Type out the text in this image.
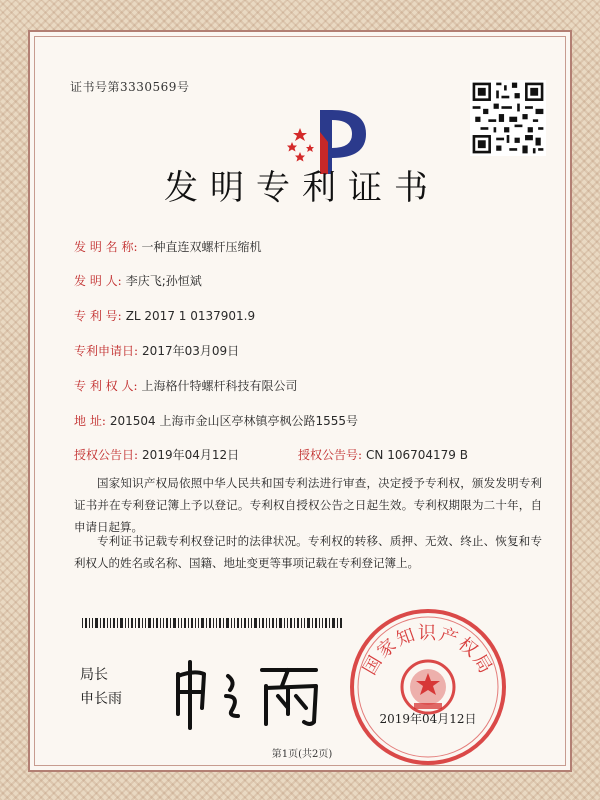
证书号第3330569号
发明专利证书
发 明 名 称: 一种直连双螺杆压缩机
发 明 人: 李庆飞;孙恒斌
专 利 号: ZL 2017 1 0137901.9
专利申请日: 2017年03月09日
专 利 权 人: 上海格什特螺杆科技有限公司
地 址: 201504 上海市金山区亭林镇亭枫公路1555号
授权公告日: 2019年04月12日	授权公告号: CN 106704179 B
国家知识产权局依照中华人民共和国专利法进行审查，决定授予专利权，颁发发明专利证书并在专利登记簿上予以登记。专利权自授权公告之日起生效。专利权期限为二十年，自申请日起算。
专利证书记载专利权登记时的法律状况。专利权的转移、质押、无效、终止、恢复和专利权人的姓名或名称、国籍、地址变更等事项记载在专利登记簿上。
局长
申长雨
国家知识产权局
2019年04月12日
第1页(共2页)
